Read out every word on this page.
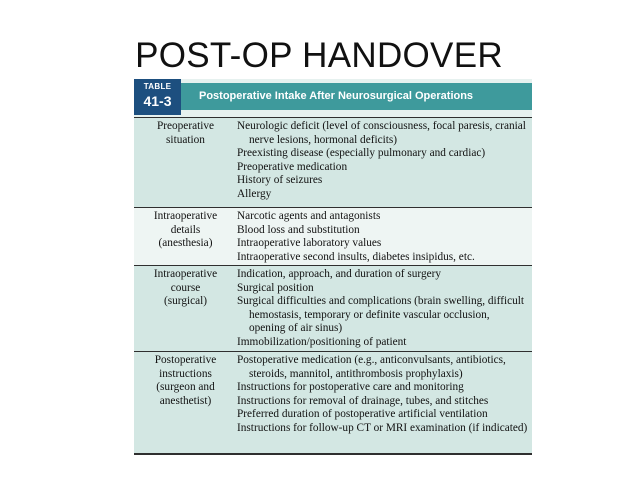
POST-OP HANDOVER
TABLE
41-3	Postoperative Intake After Neurosurgical Operations
Preoperative
situation
Neurologic deficit (level of consciousness, focal paresis, cranial nerve lesions, hormonal deficits)
Preexisting disease (especially pulmonary and cardiac)
Preoperative medication
History of seizures
Allergy
Intraoperative
details
(anesthesia)
Narcotic agents and antagonists
Blood loss and substitution
Intraoperative laboratory values
Intraoperative second insults, diabetes insipidus, etc.
Intraoperative
course
(surgical)
Indication, approach, and duration of surgery
Surgical position
Surgical difficulties and complications (brain swelling, difficult hemostasis, temporary or definite vascular occlusion, opening of air sinus)
Immobilization/positioning of patient
Postoperative
instructions
(surgeon and
anesthetist)
Postoperative medication (e.g., anticonvulsants, antibiotics, steroids, mannitol, antithrombosis prophylaxis)
Instructions for postoperative care and monitoring
Instructions for removal of drainage, tubes, and stitches
Preferred duration of postoperative artificial ventilation
Instructions for follow-up CT or MRI examination (if indicated)
